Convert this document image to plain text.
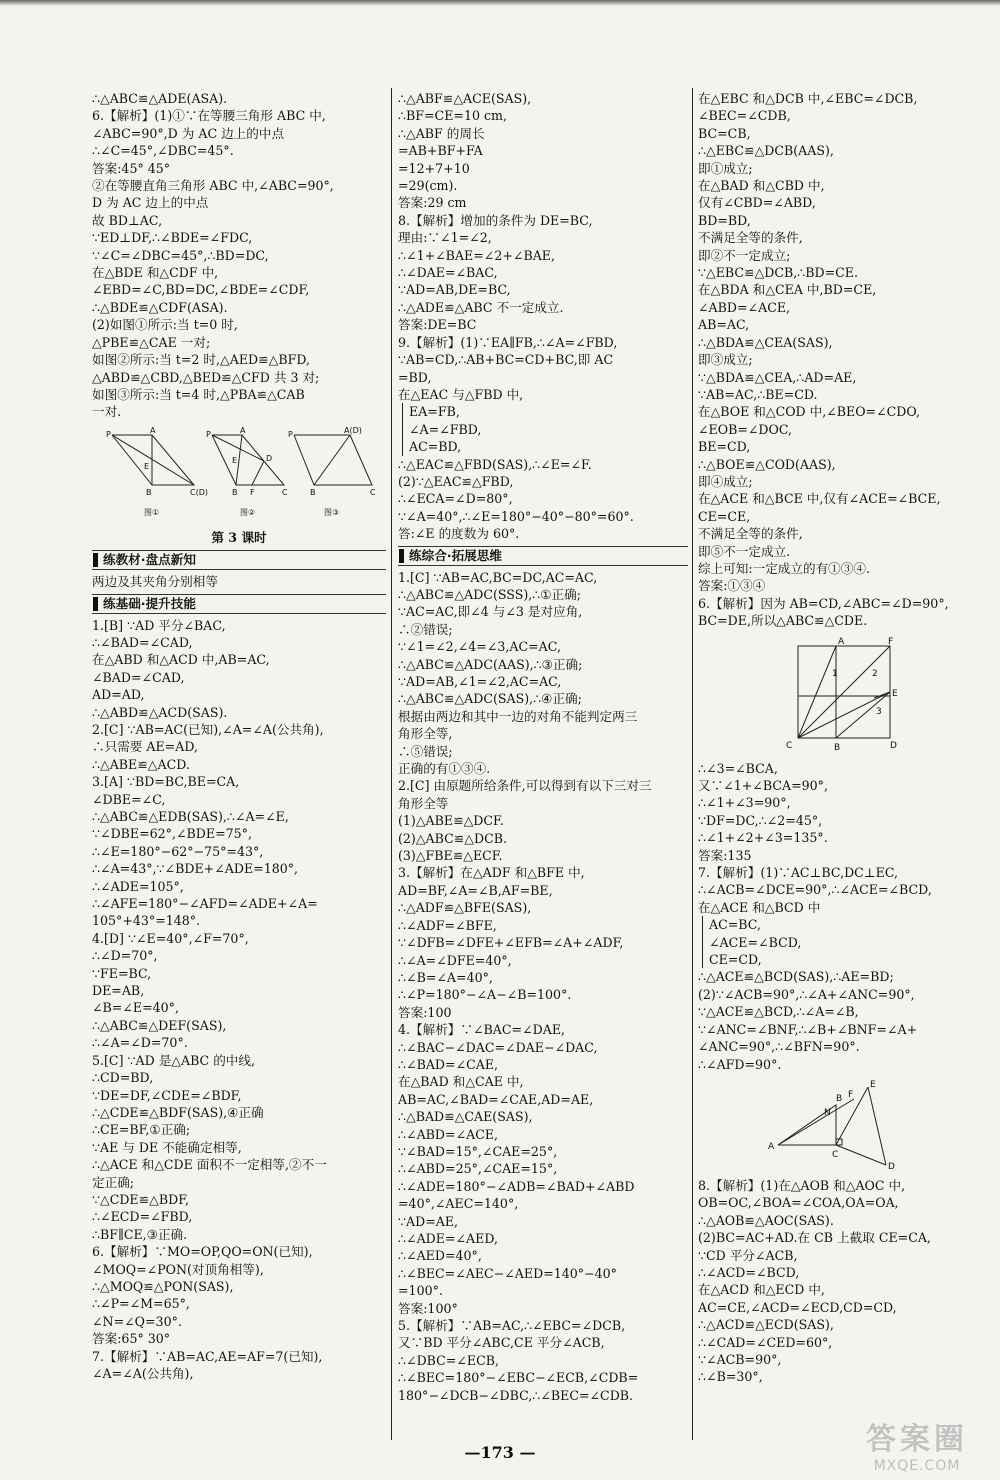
∴△ABC≌△ADE(ASA).
6.【解析】(1)①∵在等腰三角形 ABC 中,
∠ABC=90°,D 为 AC 边上的中点
∴∠C=45°,∠DBC=45°.
答案:45° 45°
②在等腰直角三角形 ABC 中,∠ABC=90°,
D 为 AC 边上的中点
故 BD⊥AC,
∵ED⊥DF,∴∠BDE=∠FDC,
∵∠C=∠DBC=45°,∴BD=DC,
在△BDE 和△CDF 中,
∠EBD=∠C,BD=DC,∠BDE=∠CDF,
∴△BDE≌△CDF(ASA).
(2)如图①所示:当 t=0 时,
△PBE≌△CAE 一对;
如图②所示:当 t=2 时,△AED≌△BFD,
△ABD≌△CBD,△BED≌△CFD 共 3 对;
如图③所示:当 t=4 时,△PBA≌△CAB
一对.
P	A
E
B	C(D)
P	A
E	D
B F	C
P	A(D)
B	C
图①	图②	图③
第 3 课时
练教材·盘点新知
两边及其夹角分别相等
练基础·提升技能
1.[B] ∵AD 平分∠BAC,
∴∠BAD=∠CAD,
在△ABD 和△ACD 中,AB=AC,
∠BAD=∠CAD,
AD=AD,
∴△ABD≌△ACD(SAS).
2.[C] ∵AB=AC(已知),∠A=∠A(公共角),
∴只需要 AE=AD,
∴△ABE≌△ACD.
3.[A] ∵BD=BC,BE=CA,
∠DBE=∠C,
∴△ABC≌△EDB(SAS),∴∠A=∠E,
∵∠DBE=62°,∠BDE=75°,
∴∠E=180°−62°−75°=43°,
∴∠A=43°,∵∠BDE+∠ADE=180°,
∴∠ADE=105°,
∴∠AFE=180°−∠AFD=∠ADE+∠A=
105°+43°=148°.
4.[D] ∵∠E=40°,∠F=70°,
∴∠D=70°,
∵FE=BC,
DE=AB,
∠B=∠E=40°,
∴△ABC≌△DEF(SAS),
∴∠A=∠D=70°.
5.[C] ∵AD 是△ABC 的中线,
∴CD=BD,
∵DE=DF,∠CDE=∠BDF,
∴△CDE≌△BDF(SAS),④正确
∴CE=BF,①正确;
∵AE 与 DE 不能确定相等,
∴△ACE 和△CDE 面积不一定相等,②不一
定正确;
∵△CDE≌△BDF,
∴∠ECD=∠FBD,
∴BF∥CE,③正确.
6.【解析】∵MO=OP,QO=ON(已知),
∠MOQ=∠PON(对顶角相等),
∴△MOQ≌△PON(SAS),
∴∠P=∠M=65°,
∠N=∠Q=30°.
答案:65° 30°
7.【解析】∵AB=AC,AE=AF=7(已知),
∠A=∠A(公共角),
∴△ABF≌△ACE(SAS),
∴BF=CE=10 cm,
∴△ABF 的周长
=AB+BF+FA
=12+7+10
=29(cm).
答案:29 cm
8.【解析】增加的条件为 DE=BC,
理由:∵∠1=∠2,
∴∠1+∠BAE=∠2+∠BAE,
∴∠DAE=∠BAC,
∵AD=AB,DE=BC,
∴△ADE≌△ABC 不一定成立.
答案:DE=BC
9.【解析】(1)∵EA∥FB,∴∠A=∠FBD,
∵AB=CD,∴AB+BC=CD+BC,即 AC
=BD,
在△EAC 与△FBD 中,
EA=FB,
∠A=∠FBD,
AC=BD,
∴△EAC≌△FBD(SAS),∴∠E=∠F.
(2)∵△EAC≌△FBD,
∴∠ECA=∠D=80°,
∵∠A=40°,∴∠E=180°−40°−80°=60°.
答:∠E 的度数为 60°.
练综合·拓展思维
1.[C] ∵AB=AC,BC=DC,AC=AC,
∴△ABC≌△ADC(SSS),∴①正确;
∵AC=AC,即∠4 与∠3 是对应角,
∴②错误;
∵∠1=∠2,∠4=∠3,AC=AC,
∴△ABC≌△ADC(AAS),∴③正确;
∵AD=AB,∠1=∠2,AC=AC,
∴△ABC≌△ADC(SAS),∴④正确;
根据由两边和其中一边的对角不能判定两三
角形全等,
∴⑤错误;
正确的有①③④.
2.[C] 由原题所给条件,可以得到有以下三对三
角形全等
(1)△ABE≌△DCF.
(2)△ABC≌△DCB.
(3)△FBE≌△ECF.
3.【解析】在△ADF 和△BFE 中,
AD=BF,∠A=∠B,AF=BE,
∴△ADF≌△BFE(SAS),
∴∠ADF=∠BFE,
∵∠DFB=∠DFE+∠EFB=∠A+∠ADF,
∴∠A=∠DFE=40°,
∴∠B=∠A=40°,
∴∠P=180°−∠A−∠B=100°.
答案:100
4.【解析】∵∠BAC=∠DAE,
∴∠BAC−∠DAC=∠DAE−∠DAC,
∴∠BAD=∠CAE,
在△BAD 和△CAE 中,
AB=AC,∠BAD=∠CAE,AD=AE,
∴△BAD≌△CAE(SAS),
∴∠ABD=∠ACE,
∵∠BAD=15°,∠CAE=25°,
∴∠ABD=25°,∠CAE=15°,
∴∠ADE=180°−∠ADB=∠BAD+∠ABD
=40°,∠AEC=140°,
∵AD=AE,
∴∠ADE=∠AED,
∴∠AED=40°,
∴∠BEC=∠AEC−∠AED=140°−40°
=100°.
答案:100°
5.【解析】∵AB=AC,∴∠EBC=∠DCB,
又∵BD 平分∠ABC,CE 平分∠ACB,
∴∠DBC=∠ECB,
∴∠BEC=180°−∠EBC−∠ECB,∠CDB=
180°−∠DCB−∠DBC,∴∠BEC=∠CDB.
在△EBC 和△DCB 中,∠EBC=∠DCB,
∠BEC=∠CDB,
BC=CB,
∴△EBC≌△DCB(AAS),
即①成立;
在△BAD 和△CBD 中,
仅有∠CBD=∠ABD,
BD=BD,
不满足全等的条件,
即②不一定成立;
∵△EBC≌△DCB,∴BD=CE.
在△BDA 和△CEA 中,BD=CE,
∠ABD=∠ACE,
AB=AC,
∴△BDA≌△CEA(SAS),
即③成立;
∵△BDA≌△CEA,∴AD=AE,
∵AB=AC,∴BE=CD.
在△BOE 和△COD 中,∠BEO=∠CDO,
∠EOB=∠DOC,
BE=CD,
∴△BOE≌△COD(AAS),
即④成立;
在△ACE 和△BCE 中,仅有∠ACE=∠BCE,
CE=CE,
不满足全等的条件,
即⑤不一定成立.
综上可知:一定成立的有①③④.
答案:①③④
6.【解析】因为 AB=CD,∠ABC=∠D=90°,
BC=DE,所以△ABC≌△CDE.
A	F
E
C	B	D
1	2
3
∴∠3=∠BCA,
又∵∠1+∠BCA=90°,
∴∠1+∠3=90°,
∵DF=DC,∴∠2=45°,
∴∠1+∠2+∠3=135°.
答案:135
7.【解析】(1)∵AC⊥BC,DC⊥EC,
∴∠ACB=∠DCE=90°,∴∠ACE=∠BCD,
在△ACE 和△BCD 中
AC=BC,
∠ACE=∠BCD,
CE=CD,
∴△ACE≌△BCD(SAS),∴AE=BD;
(2)∵∠ACB=90°,∴∠A+∠ANC=90°,
∵△ACE≌△BCD,∴∠A=∠B,
∵∠ANC=∠BNF,∴∠B+∠BNF=∠A+
∠ANC=90°,∴∠BFN=90°.
∴∠AFD=90°.
B F
E
N
A
C
D
8.【解析】(1)在△AOB 和△AOC 中,
OB=OC,∠BOA=∠COA,OA=OA,
∴△AOB≌△AOC(SAS).
(2)BC=AC+AD.在 CB 上截取 CE=CA,
∵CD 平分∠ACB,
∴∠ACD=∠BCD,
在△ACD 和△ECD 中,
AC=CE,∠ACD=∠ECD,CD=CD,
∴△ACD≌△ECD(SAS),
∴∠CAD=∠CED=60°,
∵∠ACB=90°,
∴∠B=30°,
—173 —	答案圈
MXQE.COM
